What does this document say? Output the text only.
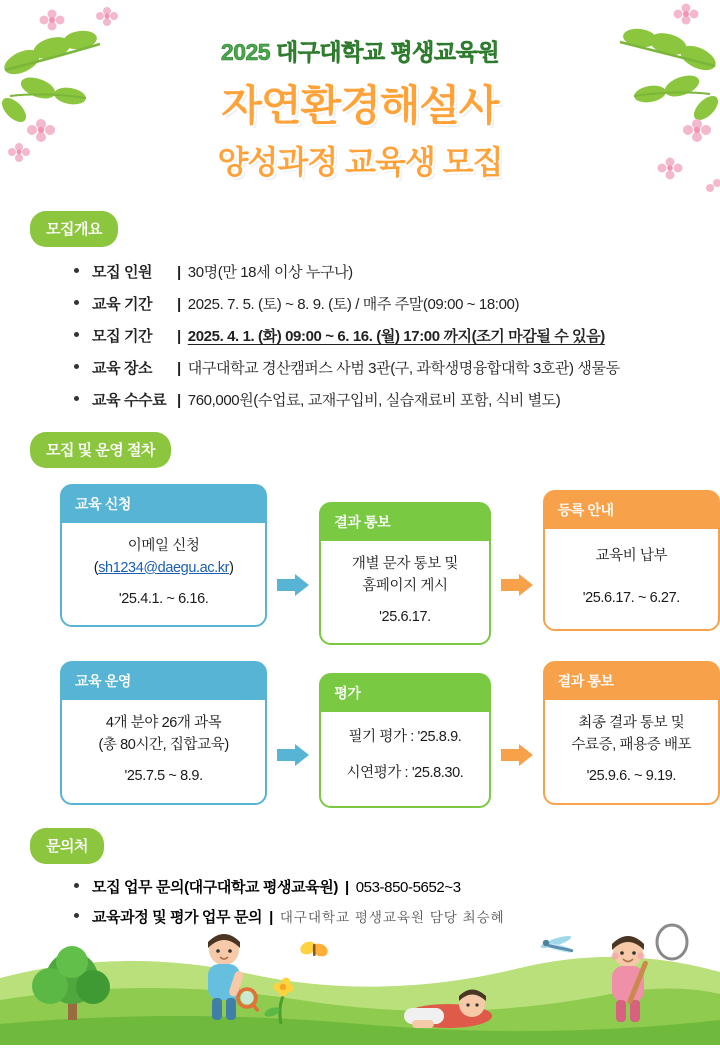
2025 대구대학교 평생교육원
자연환경해설사
양성과정 교육생 모집
모집개요
모집 인원	| 30명(만 18세 이상 누구나)
교육 기간	| 2025. 7. 5. (토) ~ 8. 9. (토) / 매주 주말(09:00 ~ 18:00)
모집 기간	| 2025. 4. 1. (화) 09:00 ~ 6. 16. (월) 17:00 까지(조기 마감될 수 있음)
교육 장소	| 대구대학교 경산캠퍼스 사범 3관(구, 과학생명융합대학 3호관) 생물동
교육 수수료 | 760,000원(수업료, 교재구입비, 실습재료비 포함, 식비 별도)
모집 및 운영 절차
교육 신청
이메일 신청
(sh1234@daegu.ac.kr)
'25.4.1. ~ 6.16.
결과 통보
개별 문자 통보 및
홈페이지 게시
'25.6.17.
등록 안내
교육비 납부
'25.6.17. ~ 6.27.
교육 운영
4개 분야 26개 과목
(총 80시간, 집합교육)
'25.7.5 ~ 8.9.
평가
필기 평가 : '25.8.9.
시연평가 : '25.8.30.
결과 통보
최종 결과 통보 및
수료증, 패용증 배포
'25.9.6. ~ 9.19.
문의처
모집 업무 문의(대구대학교 평생교육원) | 053-850-5652~3
교육과정 및 평가 업무 문의 | 대구대학교 평생교육원 담당 최승혜
